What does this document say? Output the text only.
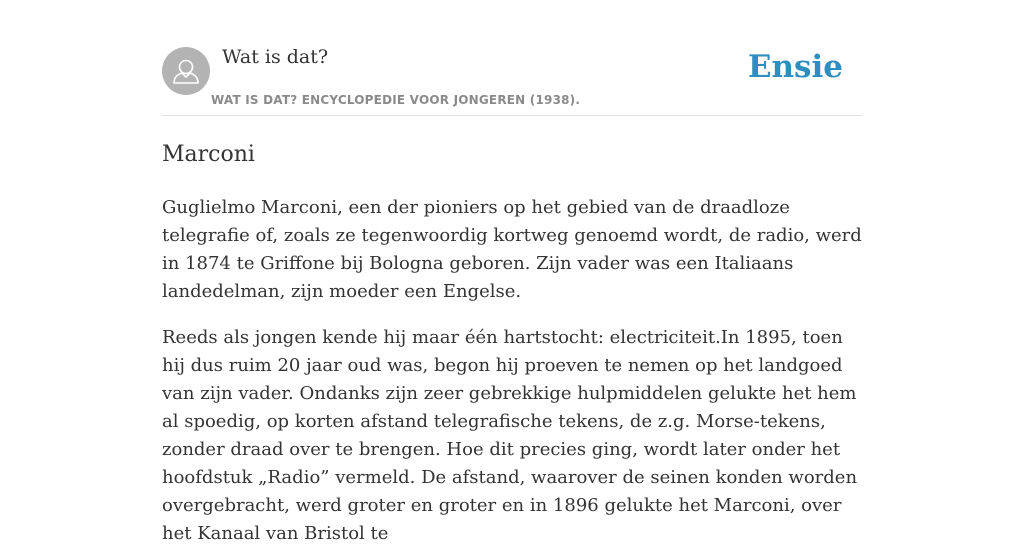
Wat is dat?
WAT IS DAT? ENCYCLOPEDIE VOOR JONGEREN (1938).
Ensie
Marconi

Guglielmo Marconi, een der pioniers op het gebied van de draadloze telegrafie of, zoals ze tegenwoordig kortweg genoemd wordt, de radio, werd in 1874 te Griffone bij Bologna geboren. Zijn vader was een Italiaans landedelman, zijn moeder een Engelse.

Reeds als jongen kende hij maar één hartstocht: electriciteit.In 1895, toen hij dus ruim 20 jaar oud was, begon hij proeven te nemen op het landgoed van zijn vader. Ondanks zijn zeer gebrekkige hulpmiddelen gelukte het hem al spoedig, op korten afstand telegrafische tekens, de z.g. Morse-tekens, zonder draad over te brengen. Hoe dit precies ging, wordt later onder het hoofdstuk „Radio” vermeld. De afstand, waarover de seinen konden worden overgebracht, werd groter en groter en in 1896 gelukte het Marconi, over het Kanaal van Bristol te
